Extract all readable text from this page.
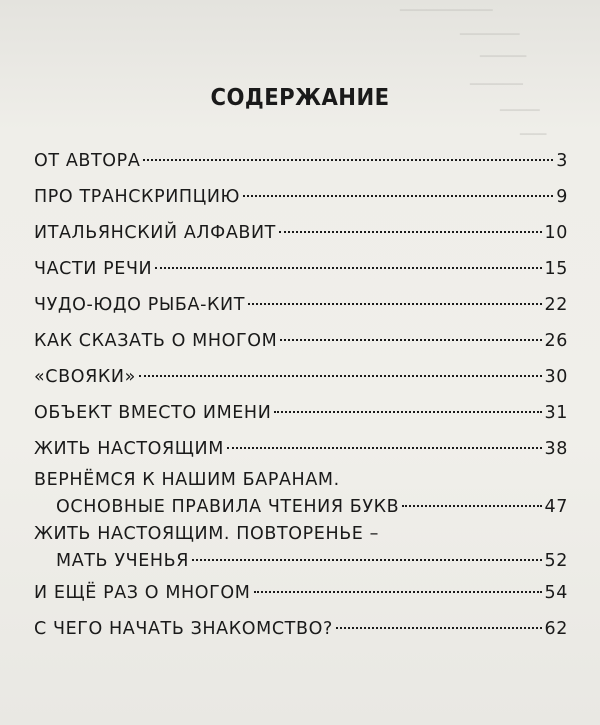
━━━━━━━━━━━━━━
━━━━━━━━━
━━━━━━━
━━━━━━━━
━━━━━━
━━━━
СОДЕРЖАНИЕ
ОТ АВТОРА	3
ПРО ТРАНСКРИПЦИЮ	9
ИТАЛЬЯНСКИЙ АЛФАВИТ	10
ЧАСТИ РЕЧИ	15
ЧУДО-ЮДО РЫБА-КИТ	22
КАК СКАЗАТЬ О МНОГОМ	26
«СВОЯКИ»	30
ОБЪЕКТ ВМЕСТО ИМЕНИ	31
ЖИТЬ НАСТОЯЩИМ	38
ВЕРНЁМСЯ К НАШИМ БАРАНАМ.
ОСНОВНЫЕ ПРАВИЛА ЧТЕНИЯ БУКВ	47
ЖИТЬ НАСТОЯЩИМ. ПОВТОРЕНЬЕ –
МАТЬ УЧЕНЬЯ	52
И ЕЩЁ РАЗ О МНОГОМ	54
С ЧЕГО НАЧАТЬ ЗНАКОМСТВО?	62
